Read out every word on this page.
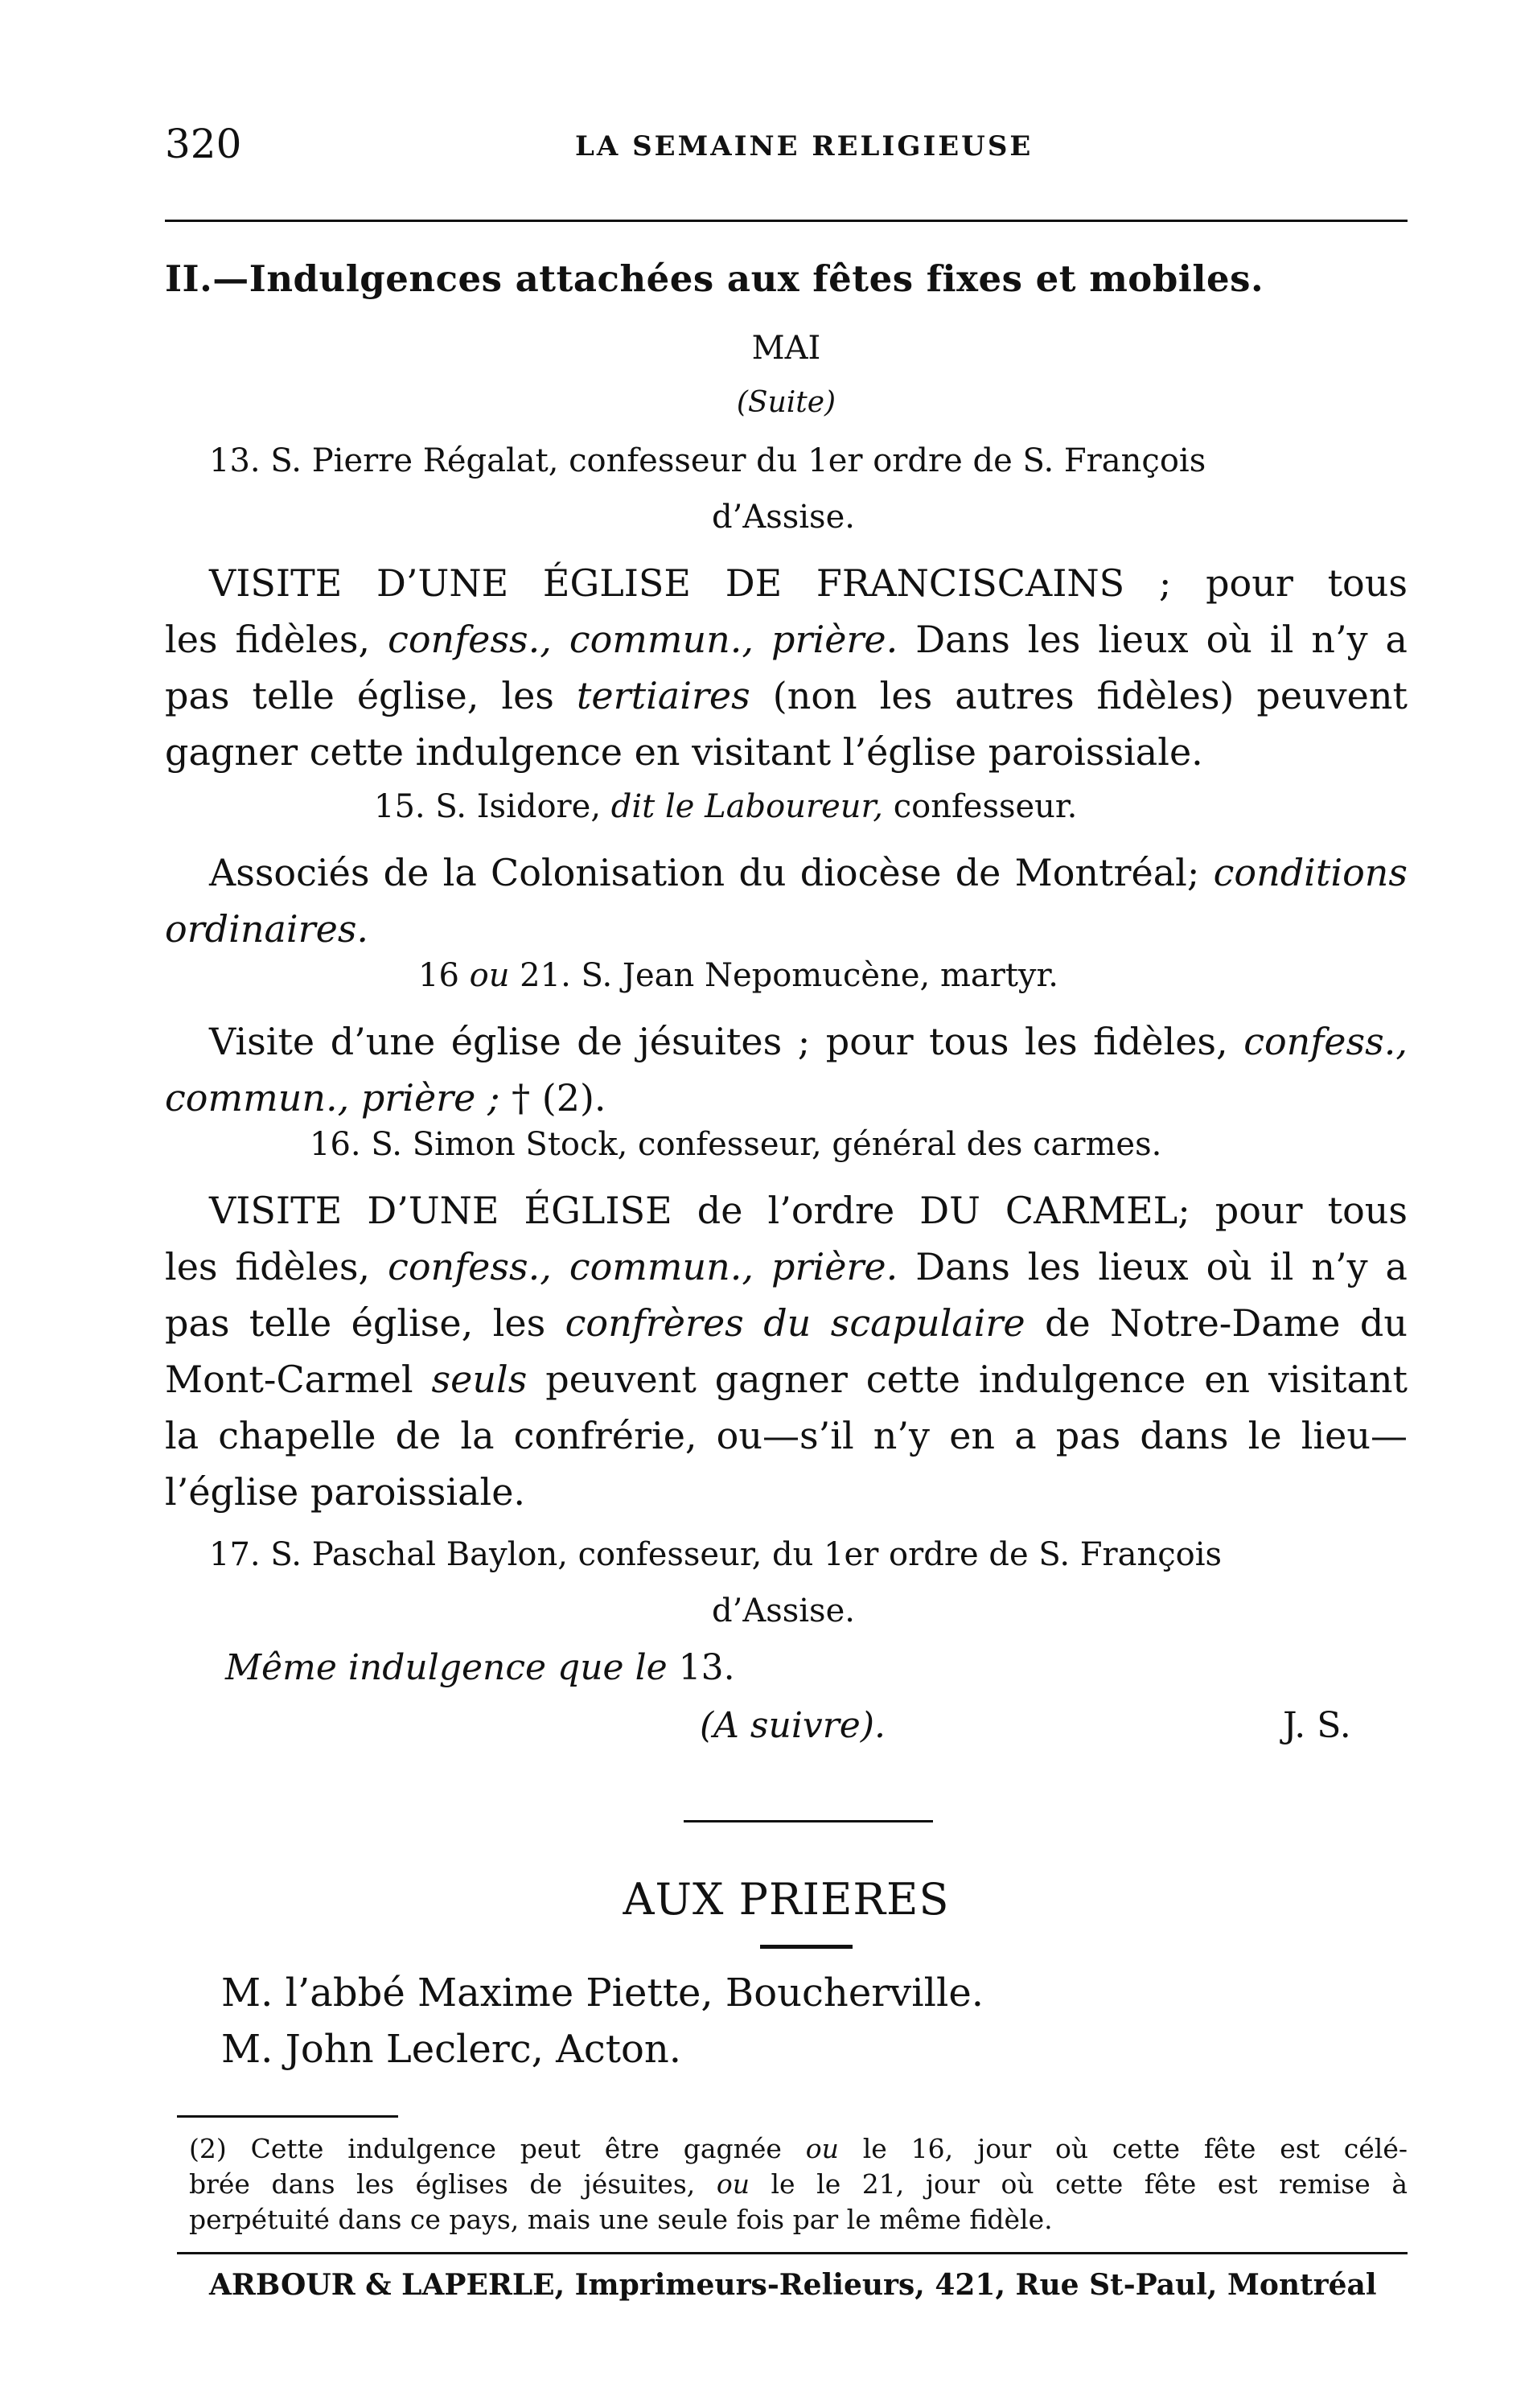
320	LA SEMAINE RELIGIEUSE
II.—Indulgences attachées aux fêtes fixes et mobiles.
MAI
(Suite)
13. S. Pierre Régalat, confesseur du 1er ordre de S. François
d’Assise.
VISITE D’UNE ÉGLISE DE FRANCISCAINS ; pour tous
les fidèles, confess., commun., prière. Dans les lieux où il n’y a
pas telle église, les tertiaires (non les autres fidèles) peuvent
gagner cette indulgence en visitant l’église paroissiale.
15. S. Isidore, dit le Laboureur, confesseur.
Associés de la Colonisation du diocèse de Montréal; conditions
ordinaires.
16 ou 21. S. Jean Nepomucène, martyr.
Visite d’une église de jésuites ; pour tous les fidèles, confess.,
commun., prière ; † (2).
16. S. Simon Stock, confesseur, général des carmes.
VISITE D’UNE ÉGLISE de l’ordre DU CARMEL; pour tous
les fidèles, confess., commun., prière. Dans les lieux où il n’y a
pas telle église, les confrères du scapulaire de Notre-Dame du
Mont-Carmel seuls peuvent gagner cette indulgence en visitant
la chapelle de la confrérie, ou—s’il n’y en a pas dans le lieu—
l’église paroissiale.
17. S. Paschal Baylon, confesseur, du 1er ordre de S. François
d’Assise.
Même indulgence que le 13.
(A suivre).	J. S.
AUX PRIERES
M. l’abbé Maxime Piette, Boucherville.
M. John Leclerc, Acton.
(2) Cette indulgence peut être gagnée ou le 16, jour où cette fête est célé-
brée dans les églises de jésuites, ou le le 21, jour où cette fête est remise à
perpétuité dans ce pays, mais une seule fois par le même fidèle.
ARBOUR & LAPERLE, Imprimeurs-Relieurs, 421, Rue St-Paul, Montréal
